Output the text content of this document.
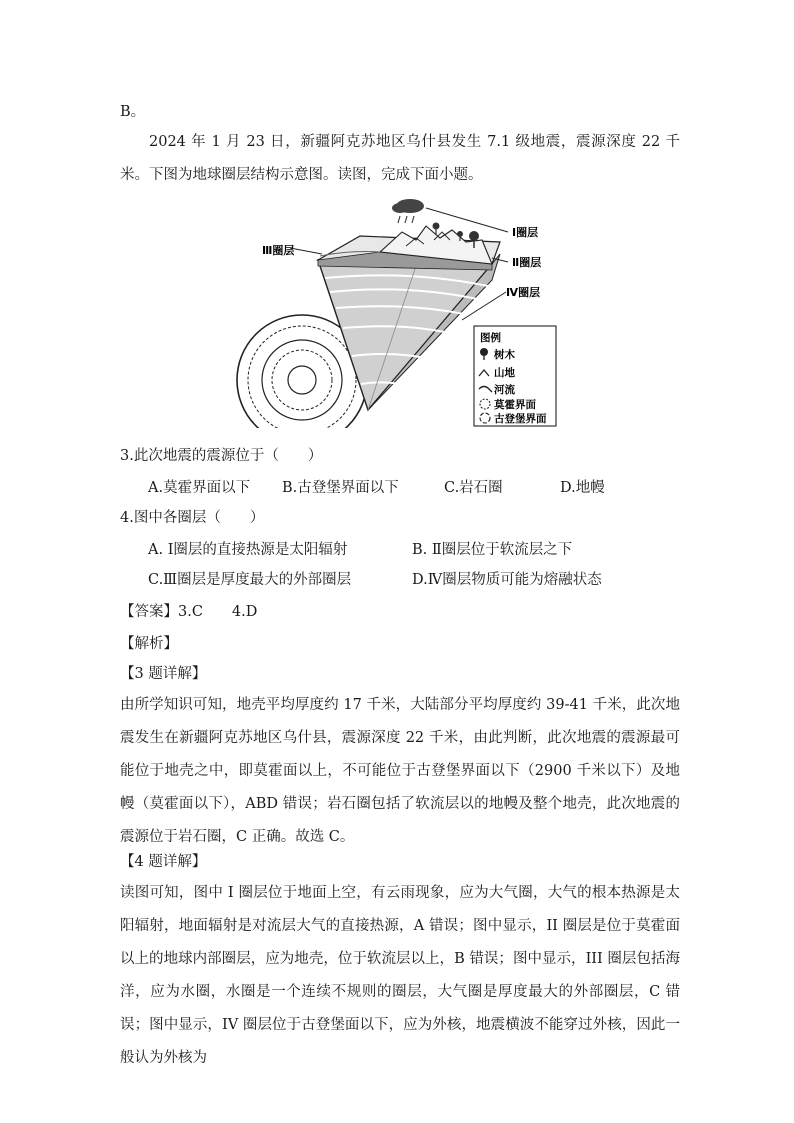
B。
2024 年 1 月 23 日，新疆阿克苏地区乌什县发生 7.1 级地震，震源深度 22 千米。下图为地球圈层结构示意图。读图，完成下面小题。
Ⅰ圈层
Ⅱ圈层
Ⅲ圈层
Ⅳ圈层
图例
树木
山地
河流
莫霍界面
古登堡界面
3.此次地震的震源位于（　　）
A.莫霍界面以下 B.古登堡界面以下	C.岩石圈	D.地幔
4.图中各圈层（　　）
A. Ⅰ圈层的直接热源是太阳辐射	B. Ⅱ圈层位于软流层之下
C.Ⅲ圈层是厚度最大的外部圈层	D.Ⅳ圈层物质可能为熔融状态
【答案】3.C　　4.D
【解析】
【3 题详解】
由所学知识可知，地壳平均厚度约 17 千米，大陆部分平均厚度约 39-41 千米，此次地震发生在新疆阿克苏地区乌什县，震源深度 22 千米，由此判断，此次地震的震源最可能位于地壳之中，即莫霍面以上，不可能位于古登堡界面以下（2900 千米以下）及地幔（莫霍面以下），ABD 错误；岩石圈包括了软流层以的地幔及整个地壳，此次地震的震源位于岩石圈，C 正确。故选 C。
【4 题详解】
读图可知，图中 I 圈层位于地面上空，有云雨现象，应为大气圈，大气的根本热源是太阳辐射，地面辐射是对流层大气的直接热源，A 错误；图中显示，II 圈层是位于莫霍面以上的地球内部圈层，应为地壳，位于软流层以上，B 错误；图中显示，III 圈层包括海洋，应为水圈，水圈是一个连续不规则的圈层，大气圈是厚度最大的外部圈层，C 错误；图中显示，IV 圈层位于古登堡面以下，应为外核，地震横波不能穿过外核，因此一般认为外核为
